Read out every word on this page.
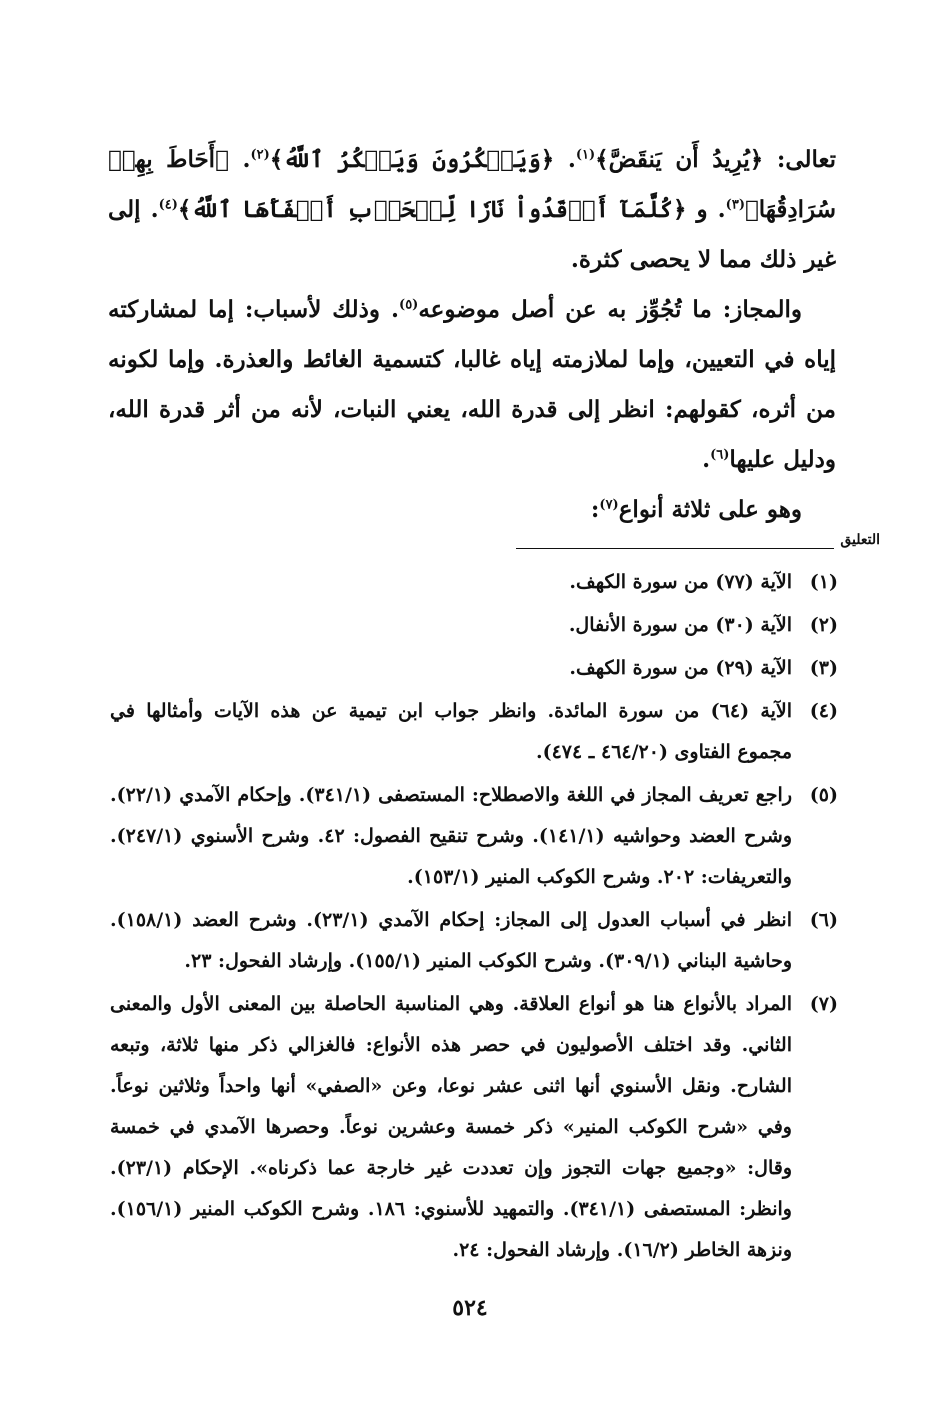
تعالى: ﴿يُرِيدُ أَن يَنقَضَّ﴾$^{(١)}$. ﴿وَيَمۡكُرُونَ وَيَمۡكُرُ ٱللَّهُ﴾$^{(٢)}$. ﴿أَحَاطَ بِهِمۡ سُرَادِقُهَا﴾$^{(٣)}$. و ﴿كُلَّمَآ أَوۡقَدُواْ نَارٗا لِّلۡحَرۡبِ أَطۡفَأَهَا ٱللَّهُ﴾$^{(٤)}$. إلى غير ذلك مما لا يحصى كثرة.

والمجاز: ما تُجُوِّز به عن أصل موضوعه$^{(٥)}$. وذلك لأسباب: إما لمشاركته إياه في التعيين، وإما لملازمته إياه غالبا، كتسمية الغائط والعذرة. وإما لكونه من أثره، كقولهم: انظر إلى قدرة الله، يعني النبات، لأنه من أثر قدرة الله، ودليل عليها$^{(٦)}$.

وهو على ثلاثة أنواع$^{(٧)}$:

التعليق
(١)
الآية (٧٧) من سورة الكهف.
(٢)
الآية (٣٠) من سورة الأنفال.
(٣)
الآية (٢٩) من سورة الكهف.
(٤)
الآية (٦٤) من سورة المائدة. وانظر جواب ابن تيمية عن هذه الآيات وأمثالها في مجموع الفتاوى (٤٦٤/٢٠ ـ ٤٧٤).
(٥)
راجع تعريف المجاز في اللغة والاصطلاح: المستصفى (٣٤١/١). وإحكام الآمدي (٢٢/١). وشرح العضد وحواشيه (١٤١/١). وشرح تنقيح الفصول: ٤٢. وشرح الأسنوي (٢٤٧/١). والتعريفات: ٢٠٢. وشرح الكوكب المنير (١٥٣/١).
(٦)
انظر في أسباب العدول إلى المجاز: إحكام الآمدي (٢٣/١). وشرح العضد (١٥٨/١). وحاشية البناني (٣٠٩/١). وشرح الكوكب المنير (١٥٥/١). وإرشاد الفحول: ٢٣.
(٧)
المراد بالأنواع هنا هو أنواع العلاقة. وهي المناسبة الحاصلة بين المعنى الأول والمعنى الثاني. وقد اختلف الأصوليون في حصر هذه الأنواع: فالغزالي ذكر منها ثلاثة، وتبعه الشارح. ونقل الأسنوي أنها اثنى عشر نوعا، وعن «الصفي» أنها واحداً وثلاثين نوعاً. وفي «شرح الكوكب المنير» ذكر خمسة وعشرين نوعاً. وحصرها الآمدي في خمسة وقال: «وجميع جهات التجوز وإن تعددت غير خارجة عما ذكرناه». الإحكام (٢٣/١). وانظر: المستصفى (٣٤١/١). والتمهيد للأسنوي: ١٨٦. وشرح الكوكب المنير (١٥٦/١). ونزهة الخاطر (١٦/٢). وإرشاد الفحول: ٢٤.
٥٢٤
